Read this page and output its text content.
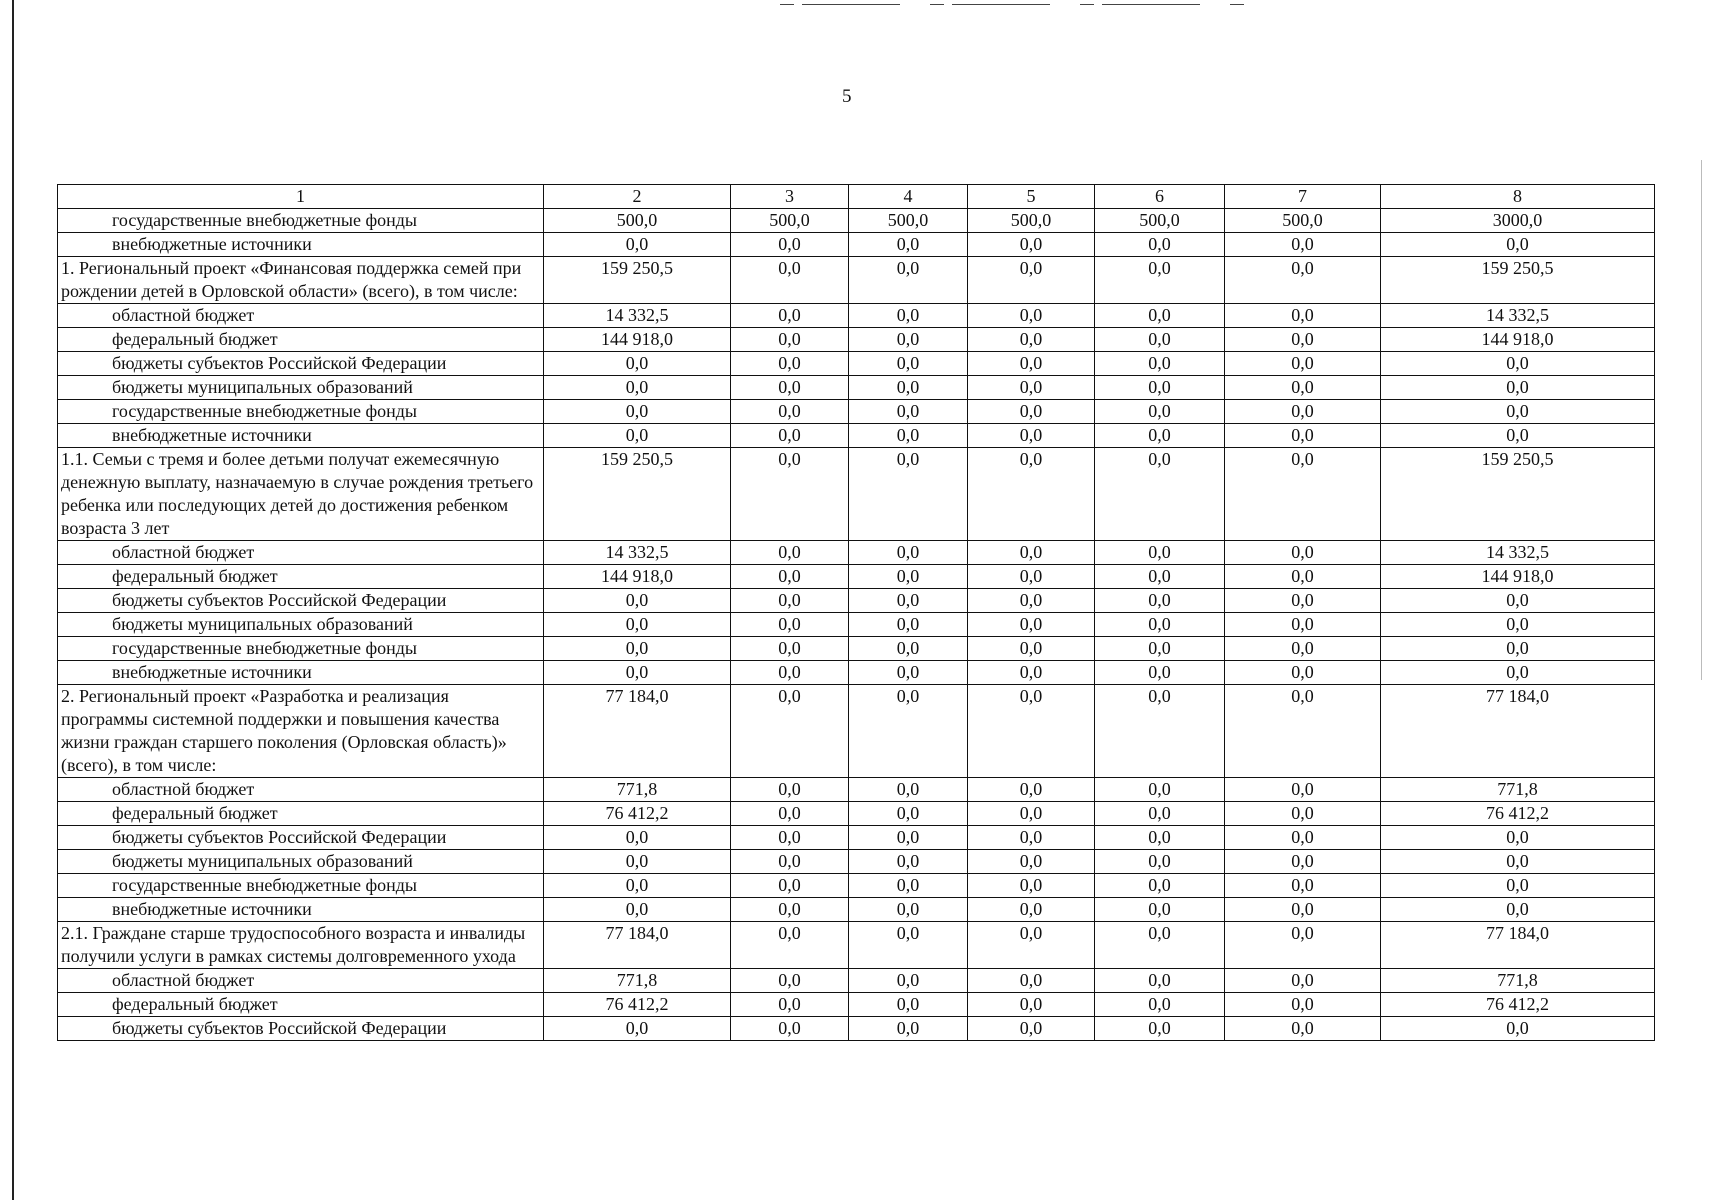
5
1	2	3	4	5	6	7	8
государственные внебюджетные фонды	500,0	500,0	500,0	500,0	500,0	500,0	3000,0
внебюджетные источники	0,0	0,0	0,0	0,0	0,0	0,0	0,0
1. Региональный проект «Финансовая поддержка семей при рождении детей в Орловской области» (всего), в том числе:	159 250,5	0,0	0,0	0,0	0,0	0,0	159 250,5
областной бюджет	14 332,5	0,0	0,0	0,0	0,0	0,0	14 332,5
федеральный бюджет	144 918,0	0,0	0,0	0,0	0,0	0,0	144 918,0
бюджеты субъектов Российской Федерации	0,0	0,0	0,0	0,0	0,0	0,0	0,0
бюджеты муниципальных образований	0,0	0,0	0,0	0,0	0,0	0,0	0,0
государственные внебюджетные фонды	0,0	0,0	0,0	0,0	0,0	0,0	0,0
внебюджетные источники	0,0	0,0	0,0	0,0	0,0	0,0	0,0
1.1. Семьи с тремя и более детьми получат ежемесячную денежную выплату, назначаемую в случае рождения третьего ребенка или последующих детей до достижения ребенком возраста 3 лет	159 250,5	0,0	0,0	0,0	0,0	0,0	159 250,5
областной бюджет	14 332,5	0,0	0,0	0,0	0,0	0,0	14 332,5
федеральный бюджет	144 918,0	0,0	0,0	0,0	0,0	0,0	144 918,0
бюджеты субъектов Российской Федерации	0,0	0,0	0,0	0,0	0,0	0,0	0,0
бюджеты муниципальных образований	0,0	0,0	0,0	0,0	0,0	0,0	0,0
государственные внебюджетные фонды	0,0	0,0	0,0	0,0	0,0	0,0	0,0
внебюджетные источники	0,0	0,0	0,0	0,0	0,0	0,0	0,0
2. Региональный проект «Разработка и реализация программы системной поддержки и повышения качества жизни граждан старшего поколения (Орловская область)» (всего), в том числе:	77 184,0	0,0	0,0	0,0	0,0	0,0	77 184,0
областной бюджет	771,8	0,0	0,0	0,0	0,0	0,0	771,8
федеральный бюджет	76 412,2	0,0	0,0	0,0	0,0	0,0	76 412,2
бюджеты субъектов Российской Федерации	0,0	0,0	0,0	0,0	0,0	0,0	0,0
бюджеты муниципальных образований	0,0	0,0	0,0	0,0	0,0	0,0	0,0
государственные внебюджетные фонды	0,0	0,0	0,0	0,0	0,0	0,0	0,0
внебюджетные источники	0,0	0,0	0,0	0,0	0,0	0,0	0,0
2.1. Граждане старше трудоспособного возраста и инвалиды получили услуги в рамках системы долговременного ухода	77 184,0	0,0	0,0	0,0	0,0	0,0	77 184,0
областной бюджет	771,8	0,0	0,0	0,0	0,0	0,0	771,8
федеральный бюджет	76 412,2	0,0	0,0	0,0	0,0	0,0	76 412,2
бюджеты субъектов Российской Федерации	0,0	0,0	0,0	0,0	0,0	0,0	0,0
